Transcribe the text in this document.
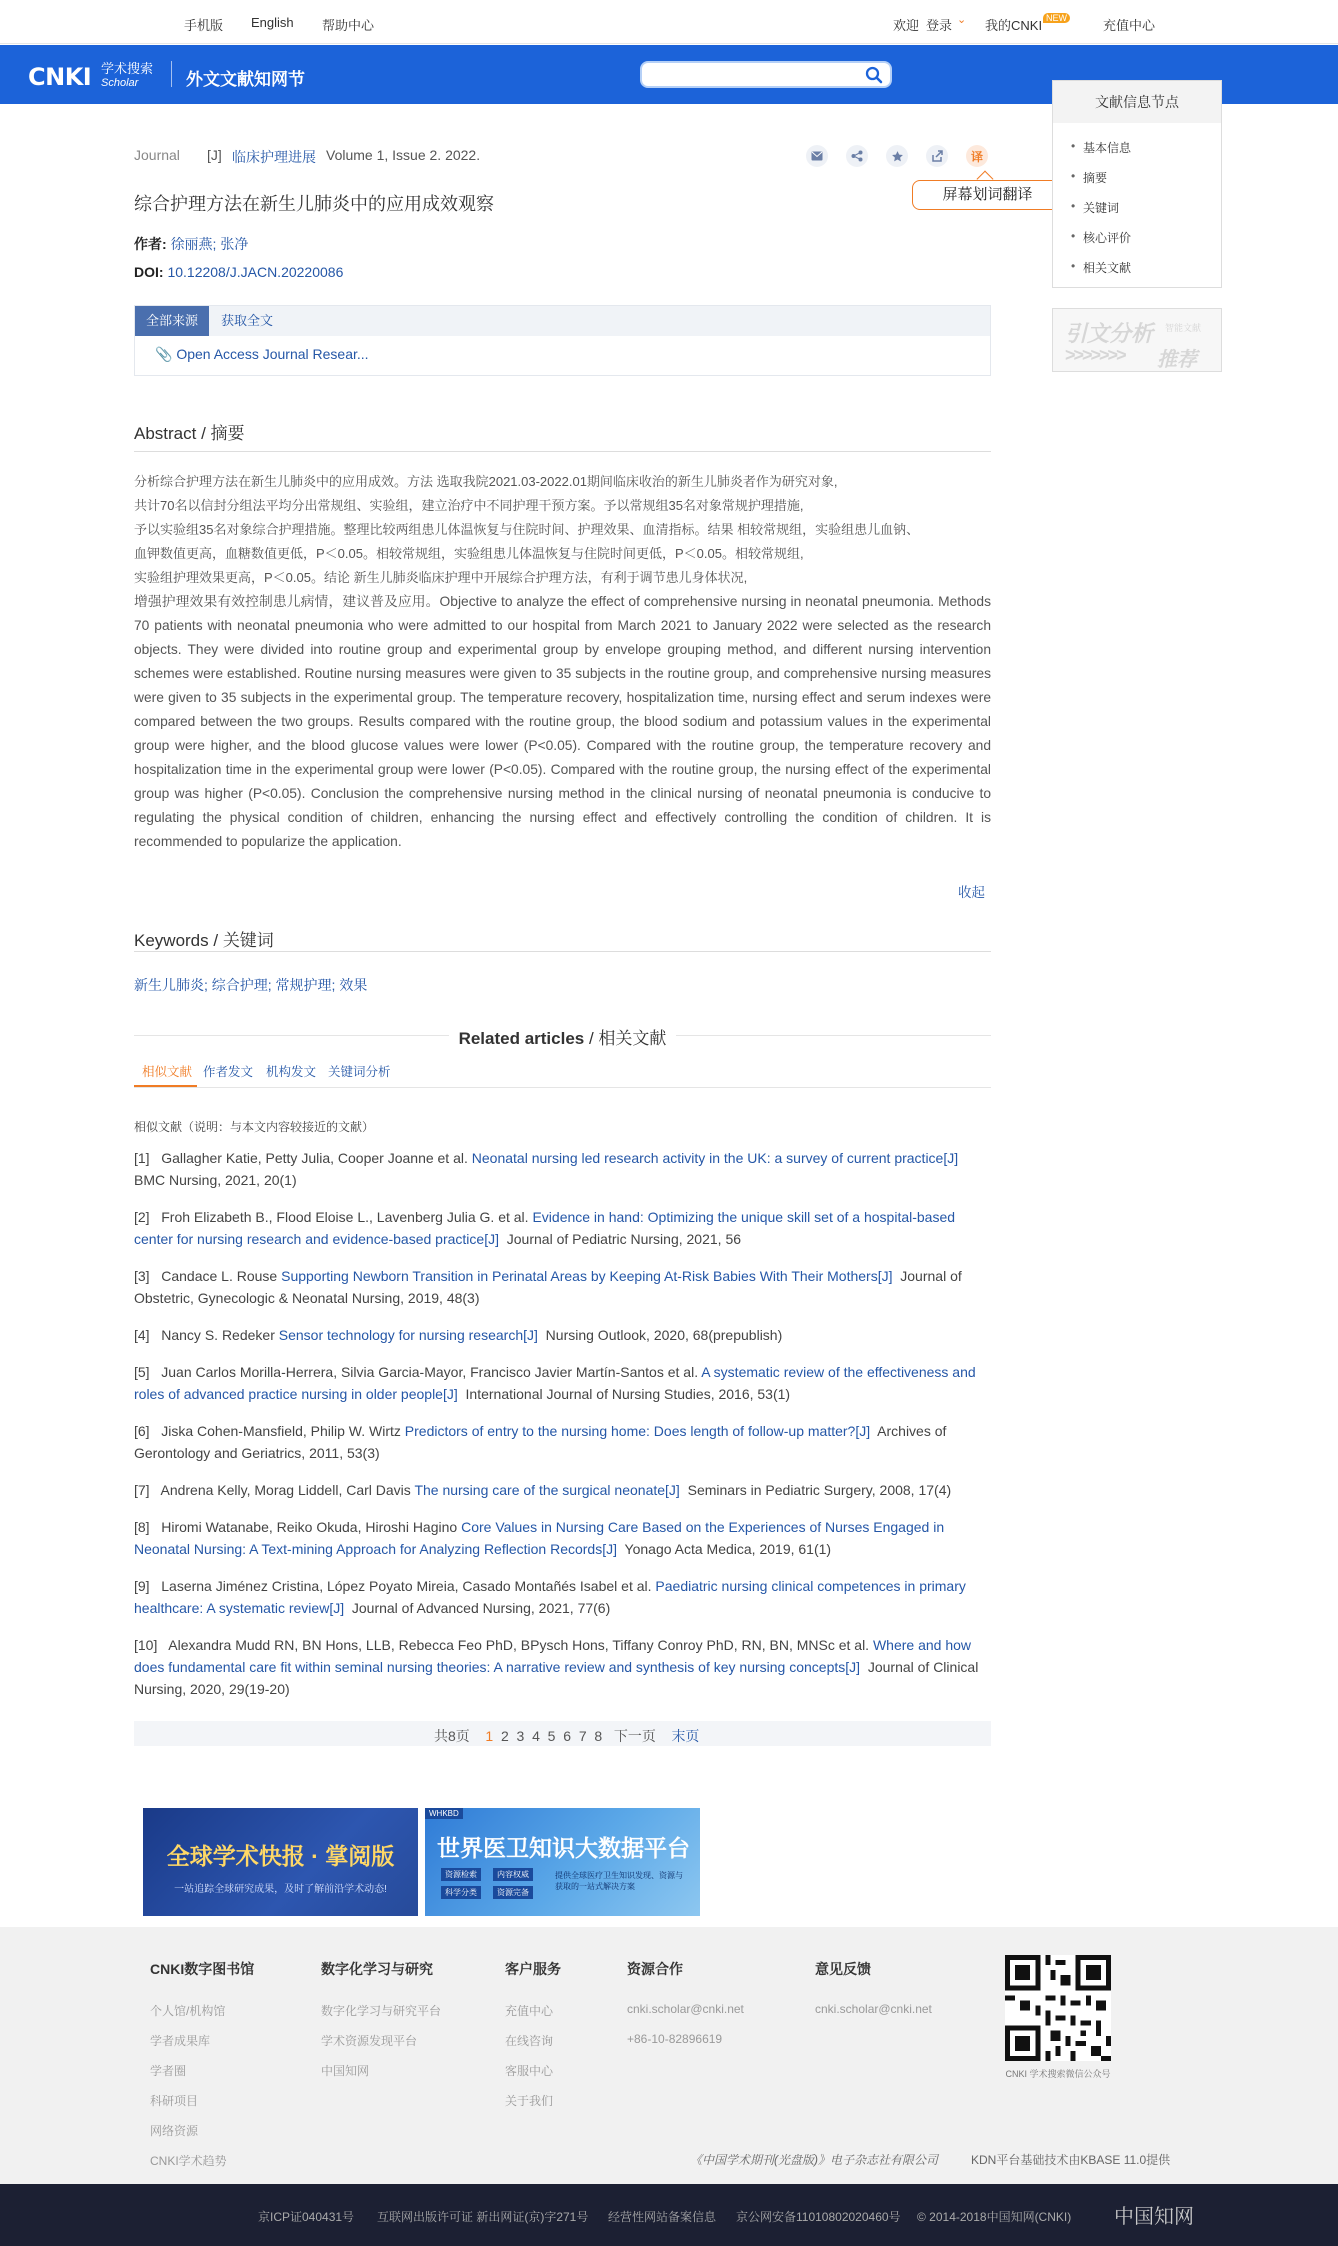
手机版 English 帮助中心	欢迎 登录 ⌄ 我的CNKI NEW	充值中心
CNKI 学术搜索
Scholar	外文文献知网节
Journal [J] 临床护理进展 Volume 1, Issue 2. 2022.	译
屏幕划词翻译
综合护理方法在新生儿肺炎中的应用成效观察
作者: 徐丽燕; 张净
DOI: 10.12208/J.JACN.20220086
全部来源	获取全文
📎 Open Access Journal Resear...
Abstract / 摘要
分析综合护理方法在新生儿肺炎中的应用成效。方法 选取我院2021.03-2022.01期间临床收治的新生儿肺炎者作为研究对象,
共计70名以信封分组法平均分出常规组、实验组，建立治疗中不同护理干预方案。予以常规组35名对象常规护理措施,
予以实验组35名对象综合护理措施。整理比较两组患儿体温恢复与住院时间、护理效果、血清指标。结果 相较常规组，实验组患儿血钠、
血钾数值更高，血糖数值更低，P＜0.05。相较常规组，实验组患儿体温恢复与住院时间更低，P＜0.05。相较常规组,
实验组护理效果更高，P＜0.05。结论 新生儿肺炎临床护理中开展综合护理方法，有利于调节患儿身体状况,
增强护理效果有效控制患儿病情，建议普及应用。Objective to analyze the effect of comprehensive nursing in neonatal pneumonia. Methods 70 patients with neonatal pneumonia who were admitted to our hospital from March 2021 to January 2022 were selected as the research objects. They were divided into routine group and experimental group by envelope grouping method, and different nursing intervention schemes were established. Routine nursing measures were given to 35 subjects in the routine group, and comprehensive nursing measures were given to 35 subjects in the experimental group. The temperature recovery, hospitalization time, nursing effect and serum indexes were compared between the two groups. Results compared with the routine group, the blood sodium and potassium values in the experimental group were higher, and the blood glucose values were lower (P<0.05). Compared with the routine group, the temperature recovery and hospitalization time in the experimental group were lower (P<0.05). Compared with the routine group, the nursing effect of the experimental group was higher (P<0.05). Conclusion the comprehensive nursing method in the clinical nursing of neonatal pneumonia is conducive to regulating the physical condition of children, enhancing the nursing effect and effectively controlling the condition of children. It is recommended to popularize the application.
收起
Keywords / 关键词
新生儿肺炎; 综合护理; 常规护理; 效果
Related articles / 相关文献
相似文献 作者发文 机构发文 关键词分析
相似文献（说明：与本文内容较接近的文献）
[1] Gallagher Katie, Petty Julia, Cooper Joanne et al. Neonatal nursing led research activity in the UK: a survey of current practice[J]  BMC Nursing, 2021, 20(1)
[2] Froh Elizabeth B., Flood Eloise L., Lavenberg Julia G. et al. Evidence in hand: Optimizing the unique skill set of a hospital-based center for nursing research and evidence-based practice[J] Journal of Pediatric Nursing, 2021, 56
[3] Candace L. Rouse Supporting Newborn Transition in Perinatal Areas by Keeping At-Risk Babies With Their Mothers[J] Journal of Obstetric, Gynecologic & Neonatal Nursing, 2019, 48(3)
[4] Nancy S. Redeker Sensor technology for nursing research[J] Nursing Outlook, 2020, 68(prepublish)
[5] Juan Carlos Morilla-Herrera, Silvia Garcia-Mayor, Francisco Javier Martín-Santos et al. A systematic review of the effectiveness and roles of advanced practice nursing in older people[J] International Journal of Nursing Studies, 2016, 53(1)
[6] Jiska Cohen-Mansfield, Philip W. Wirtz Predictors of entry to the nursing home: Does length of follow-up matter?[J] Archives of Gerontology and Geriatrics, 2011, 53(3)
[7] Andrena Kelly, Morag Liddell, Carl Davis The nursing care of the surgical neonate[J] Seminars in Pediatric Surgery, 2008, 17(4)
[8] Hiromi Watanabe, Reiko Okuda, Hiroshi Hagino Core Values in Nursing Care Based on the Experiences of Nurses Engaged in Neonatal Nursing: A Text-mining Approach for Analyzing Reflection Records[J] Yonago Acta Medica, 2019, 61(1)
[9] Laserna Jiménez Cristina, López Poyato Mireia, Casado Montañés Isabel et al. Paediatric nursing clinical competences in primary healthcare: A systematic review[J] Journal of Advanced Nursing, 2021, 77(6)
[10] Alexandra Mudd RN, BN Hons, LLB, Rebecca Feo PhD, BPysch Hons, Tiffany Conroy PhD, RN, BN, MNSc et al. Where and how does fundamental care fit within seminal nursing theories: A narrative review and synthesis of key nursing concepts[J] Journal of Clinical Nursing, 2020, 29(19-20)
共8页 1 2 3 4 5 6 7 8 下一页 末页
文献信息节点
• 基本信息
• 摘要
• 关键词
• 核心评价
• 相关文献
引文分析 智能文献
>>>>>>> 推荐
全球学术快报 · 掌阅版
一站追踪全球研究成果，及时了解前沿学术动态!
WHKBD
世界医卫知识大数据平台
资源检索	内容权威
科学分类	资源完备
提供全球医疗卫生知识发现、资源与获取的一站式解决方案
CNKI数字图书馆
个人馆/机构馆
学者成果库
学者圈
科研项目
网络资源
CNKI学术趋势
数字化学习与研究
数字化学习与研究平台
学术资源发现平台
中国知网
客户服务
充值中心
在线咨询
客服中心
关于我们
资源合作
cnki.scholar@cnki.net
+86-10-82896619
意见反馈
cnki.scholar@cnki.net
CNKI 学术搜索微信公众号
《中国学术期刊(光盘版)》电子杂志社有限公司	KDN平台基础技术由KBASE 11.0提供
京ICP证040431号 互联网出版许可证 新出网证(京)字271号 经营性网站备案信息 京公网安备11010802020460号 © 2014-2018中国知网(CNKI) 中国知网
